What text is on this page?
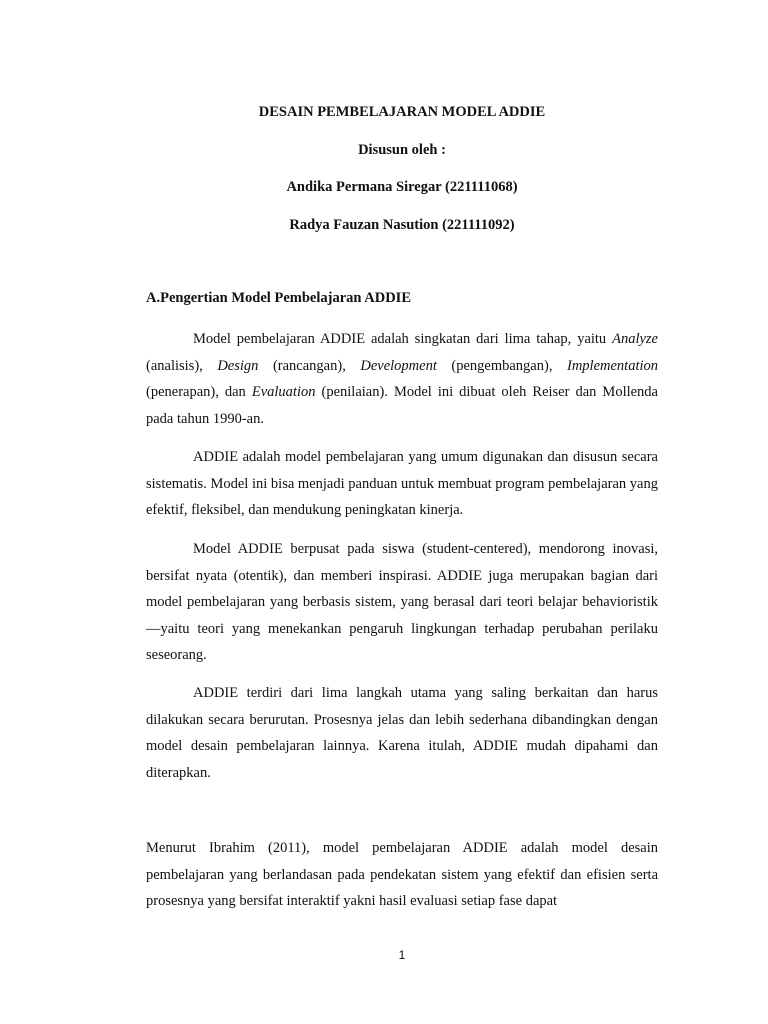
DESAIN PEMBELAJARAN MODEL ADDIE
Disusun oleh :
Andika Permana Siregar (221111068)
Radya Fauzan Nasution (221111092)
A.Pengertian Model Pembelajaran ADDIE

Model pembelajaran ADDIE adalah singkatan dari lima tahap, yaitu Analyze (analisis), Design (rancangan), Development (pengembangan), Implementation (penerapan), dan Evaluation (penilaian). Model ini dibuat oleh Reiser dan Mollenda pada tahun 1990-an.

ADDIE adalah model pembelajaran yang umum digunakan dan disusun secara sistematis. Model ini bisa menjadi panduan untuk membuat program pembelajaran yang efektif, fleksibel, dan mendukung peningkatan kinerja.

Model ADDIE berpusat pada siswa (student-centered), mendorong inovasi, bersifat nyata (otentik), dan memberi inspirasi. ADDIE juga merupakan bagian dari model pembelajaran yang berbasis sistem, yang berasal dari teori belajar behavioristik—yaitu teori yang menekankan pengaruh lingkungan terhadap perubahan perilaku seseorang.

ADDIE terdiri dari lima langkah utama yang saling berkaitan dan harus dilakukan secara berurutan. Prosesnya jelas dan lebih sederhana dibandingkan dengan model desain pembelajaran lainnya. Karena itulah, ADDIE mudah dipahami dan diterapkan.

Menurut Ibrahim (2011), model pembelajaran ADDIE adalah model desain pembelajaran yang berlandasan pada pendekatan sistem yang efektif dan efisien serta prosesnya yang bersifat interaktif yakni hasil evaluasi setiap fase dapat

1
